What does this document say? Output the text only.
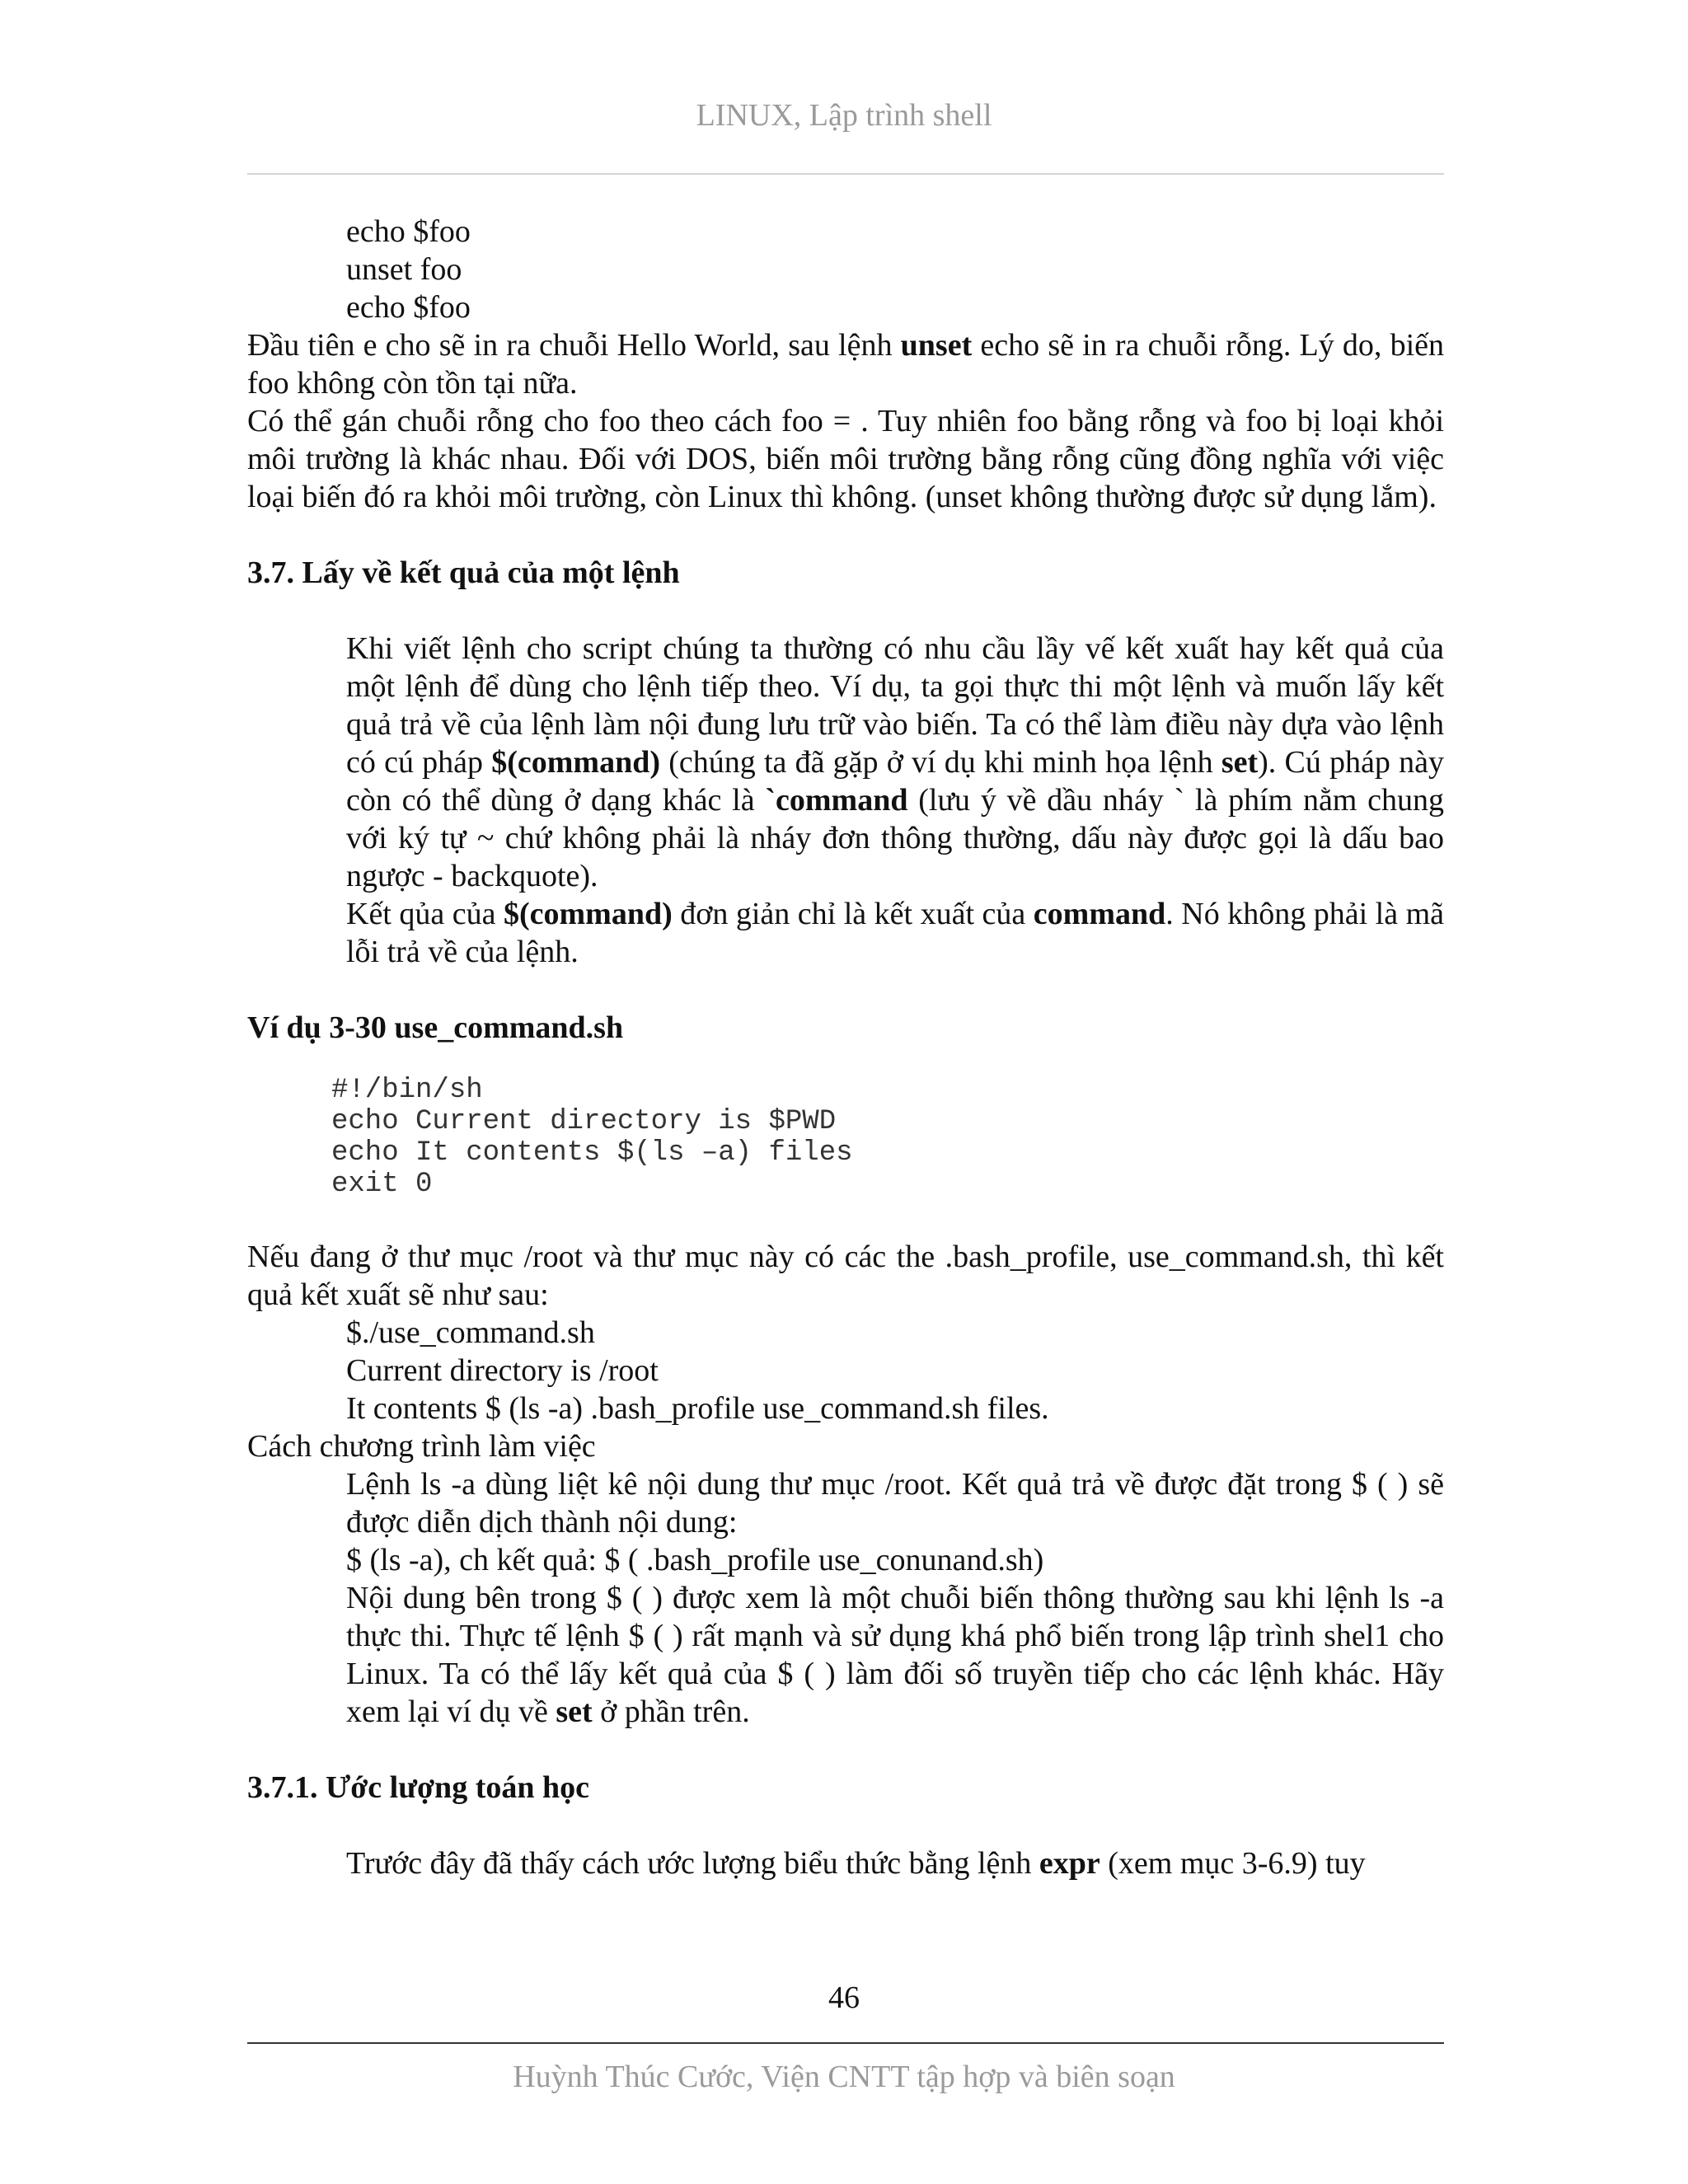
LINUX, Lập trình shell

echo $foo

unset foo

echo $foo

Đầu tiên e cho sẽ in ra chuỗi Hello World, sau lệnh unset echo sẽ in ra chuỗi rỗng. Lý do, biến foo không còn tồn tại nữa.

Có thể gán chuỗi rỗng cho foo theo cách foo = . Tuy nhiên foo bằng rỗng và foo bị loại khỏi môi trường là khác nhau. Đối với DOS, biến môi trường bằng rỗng cũng đồng nghĩa với việc loại biến đó ra khỏi môi trường, còn Linux thì không. (unset không thường được sử dụng lắm).

3.7. Lấy về kết quả của một lệnh

Khi viết lệnh cho script chúng ta thường có nhu cầu lầy vế kết xuất hay kết quả của một lệnh để dùng cho lệnh tiếp theo. Ví dụ, ta gọi thực thi một lệnh và muốn lấy kết quả trả về của lệnh làm nội đung lưu trữ vào biến. Ta có thể làm điều này dựa vào lệnh có cú pháp $(command) (chúng ta đã gặp ở ví dụ khi minh họa lệnh set). Cú pháp này còn có thể dùng ở dạng khác là `command (lưu ý về dầu nháy ` là phím nằm chung với ký tự ~ chứ không phải là nháy đơn thông thường, dấu này được gọi là dấu bao ngược - backquote).

Kết qủa của $(command) đơn giản chỉ là kết xuất của command. Nó không phải là mã lỗi trả về của lệnh.

Ví dụ 3-30 use_command.sh

#!/bin/sh
echo Current directory is $PWD
echo It contents $(ls –a) files
exit 0

Nếu đang ở thư mục /root và thư mục này có các the .bash_profile, use_command.sh, thì kết quả kết xuất sẽ như sau:

$./use_command.sh

Current directory is /root

It contents $ (ls -a) .bash_profile use_command.sh files.

Cách chương trình làm việc

Lệnh ls -a dùng liệt kê nội dung thư mục /root. Kết quả trả về được đặt trong $ ( ) sẽ được diễn dịch thành nội dung:

$ (ls -a), ch kết quả: $ ( .bash_profile use_conunand.sh)

Nội dung bên trong $ ( ) được xem là một chuỗi biến thông thường sau khi lệnh ls -a thực thi. Thực tế lệnh $ ( ) rất mạnh và sử dụng khá phổ biến trong lập trình shel1 cho Linux. Ta có thể lấy kết quả của $ ( ) làm đối số truyền tiếp cho các lệnh khác. Hãy xem lại ví dụ về set ở phần trên.

3.7.1. Ước lượng toán học

Trước đây đã thấy cách ước lượng biểu thức bằng lệnh expr (xem mục 3-6.9) tuy

46
Huỳnh Thúc Cước, Viện CNTT tập hợp và biên soạn
